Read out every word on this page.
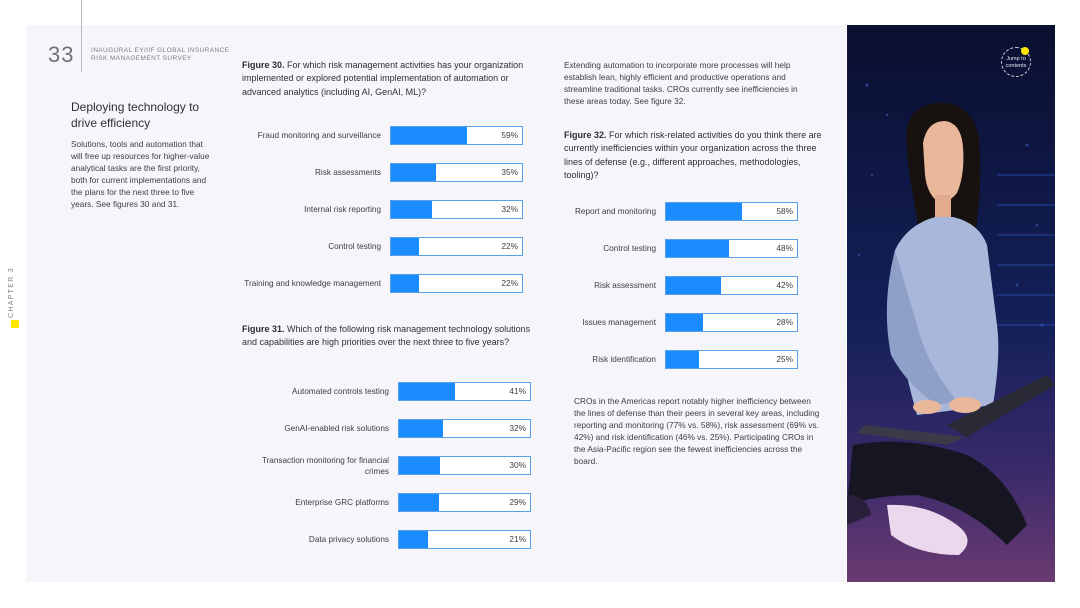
33	INAUGURAL EY/IIF GLOBAL INSURANCE
RISK MANAGEMENT SURVEY
CHAPTER 3
Deploying technology to drive efficiency
Solutions, tools and automation that will free up resources for higher-value analytical tasks are the first priority, both for current implementations and the plans for the next three to five years. See figures 30 and 31.
Figure 30. For which risk management activities has your organization implemented or explored potential implementation of automation or advanced analytics (including AI, GenAI, ML)?
Fraud monitoring and surveillance	59%
Risk assessments	35%
Internal risk reporting	32%
Control testing	22%
Training and knowledge management	22%
Figure 31. Which of the following risk management technology solutions and capabilities are high priorities over the next three to five years?
Automated controls testing	41%
GenAI-enabled risk solutions	32%
Transaction monitoring for financial crimes
30%
Enterprise GRC platforms	29%
Data privacy solutions	21%
Extending automation to incorporate more processes will help establish lean, highly efficient and productive operations and streamline traditional tasks. CROs currently see inefficiencies in these areas today. See figure 32.
Figure 32. For which risk-related activities do you think there are currently inefficiencies within your organization across the three lines of defense (e.g., different approaches, methodologies, tooling)?
Report and monitoring	58%
Control testing	48%
Risk assessment	42%
Issues management	28%
Risk identification	25%
CROs in the Americas report notably higher inefficiency between the lines of defense than their peers in several key areas, including reporting and monitoring (77% vs. 58%), risk assessment (69% vs. 42%) and risk identification (46% vs. 25%). Participating CROs in the Asia-Pacific region see the fewest inefficiencies across the board.
Jump to
contents
